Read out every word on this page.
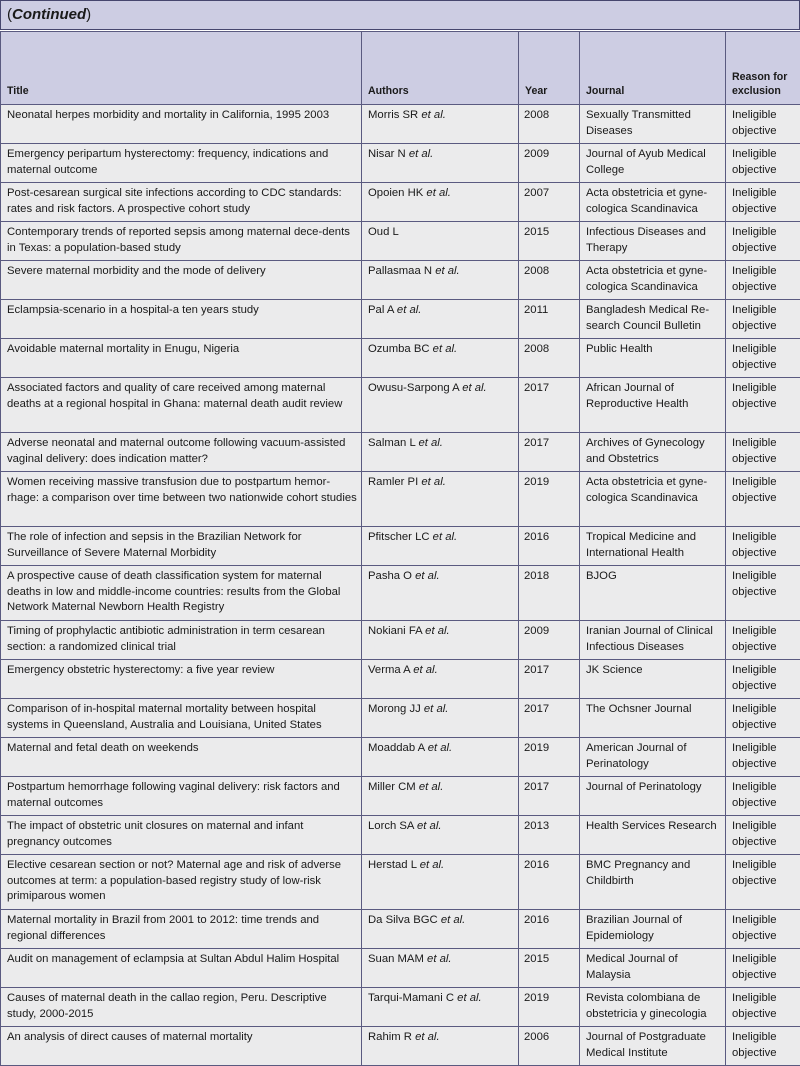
(Continued)
Title	Authors	Year	Journal	Reason for exclusion
Neonatal herpes morbidity and mortality in California, 1995 2003	Morris SR et al.	2008	Sexually Transmitted Diseases	Ineligible objective
Emergency peripartum hysterectomy: frequency, indications and maternal outcome	Nisar N et al.	2009	Journal of Ayub Medical College	Ineligible objective
Post-cesarean surgical site infections according to CDC standards: rates and risk factors. A prospective cohort study	Opoien HK et al.	2007	Acta obstetricia et gyne-cologica Scandinavica	Ineligible objective
Contemporary trends of reported sepsis among maternal dece-dents in Texas: a population-based study	Oud L	2015	Infectious Diseases and Therapy	Ineligible objective
Severe maternal morbidity and the mode of delivery	Pallasmaa N et al.	2008	Acta obstetricia et gyne-cologica Scandinavica	Ineligible objective
Eclampsia-scenario in a hospital-a ten years study	Pal A et al.	2011	Bangladesh Medical Re-search Council Bulletin	Ineligible objective
Avoidable maternal mortality in Enugu, Nigeria	Ozumba BC et al.	2008	Public Health	Ineligible objective
Associated factors and quality of care received among maternal deaths at a regional hospital in Ghana: maternal death audit review	Owusu-Sarpong A et al.	2017	African Journal of Reproductive Health	Ineligible objective
Adverse neonatal and maternal outcome following vacuum-assisted vaginal delivery: does indication matter?	Salman L et al.	2017	Archives of Gynecology and Obstetrics	Ineligible objective
Women receiving massive transfusion due to postpartum hemor-rhage: a comparison over time between two nationwide cohort studies	Ramler PI et al.	2019	Acta obstetricia et gyne-cologica Scandinavica	Ineligible objective
The role of infection and sepsis in the Brazilian Network for Surveillance of Severe Maternal Morbidity	Pfitscher LC et al.	2016	Tropical Medicine and International Health	Ineligible objective
A prospective cause of death classification system for maternal deaths in low and middle-income countries: results from the Global Network Maternal Newborn Health Registry	Pasha O et al.	2018	BJOG	Ineligible objective
Timing of prophylactic antibiotic administration in term cesarean section: a randomized clinical trial	Nokiani FA et al.	2009	Iranian Journal of Clinical Infectious Diseases	Ineligible objective
Emergency obstetric hysterectomy: a five year review	Verma A et al.	2017	JK Science	Ineligible objective
Comparison of in-hospital maternal mortality between hospital systems in Queensland, Australia and Louisiana, United States	Morong JJ et al.	2017	The Ochsner Journal	Ineligible objective
Maternal and fetal death on weekends	Moaddab A et al.	2019	American Journal of Perinatology	Ineligible objective
Postpartum hemorrhage following vaginal delivery: risk factors and maternal outcomes	Miller CM et al.	2017	Journal of Perinatology	Ineligible objective
The impact of obstetric unit closures on maternal and infant pregnancy outcomes	Lorch SA et al.	2013	Health Services Research	Ineligible objective
Elective cesarean section or not? Maternal age and risk of adverse outcomes at term: a population-based registry study of low-risk primiparous women	Herstad L et al.	2016	BMC Pregnancy and Childbirth	Ineligible objective
Maternal mortality in Brazil from 2001 to 2012: time trends and regional differences	Da Silva BGC et al.	2016	Brazilian Journal of Epidemiology	Ineligible objective
Audit on management of eclampsia at Sultan Abdul Halim Hospital	Suan MAM et al.	2015	Medical Journal of Malaysia	Ineligible objective
Causes of maternal death in the callao region, Peru. Descriptive study, 2000-2015	Tarqui-Mamani C et al.	2019	Revista colombiana de obstetricia y ginecologia	Ineligible objective
An analysis of direct causes of maternal mortality	Rahim R et al.	2006	Journal of Postgraduate Medical Institute	Ineligible objective
